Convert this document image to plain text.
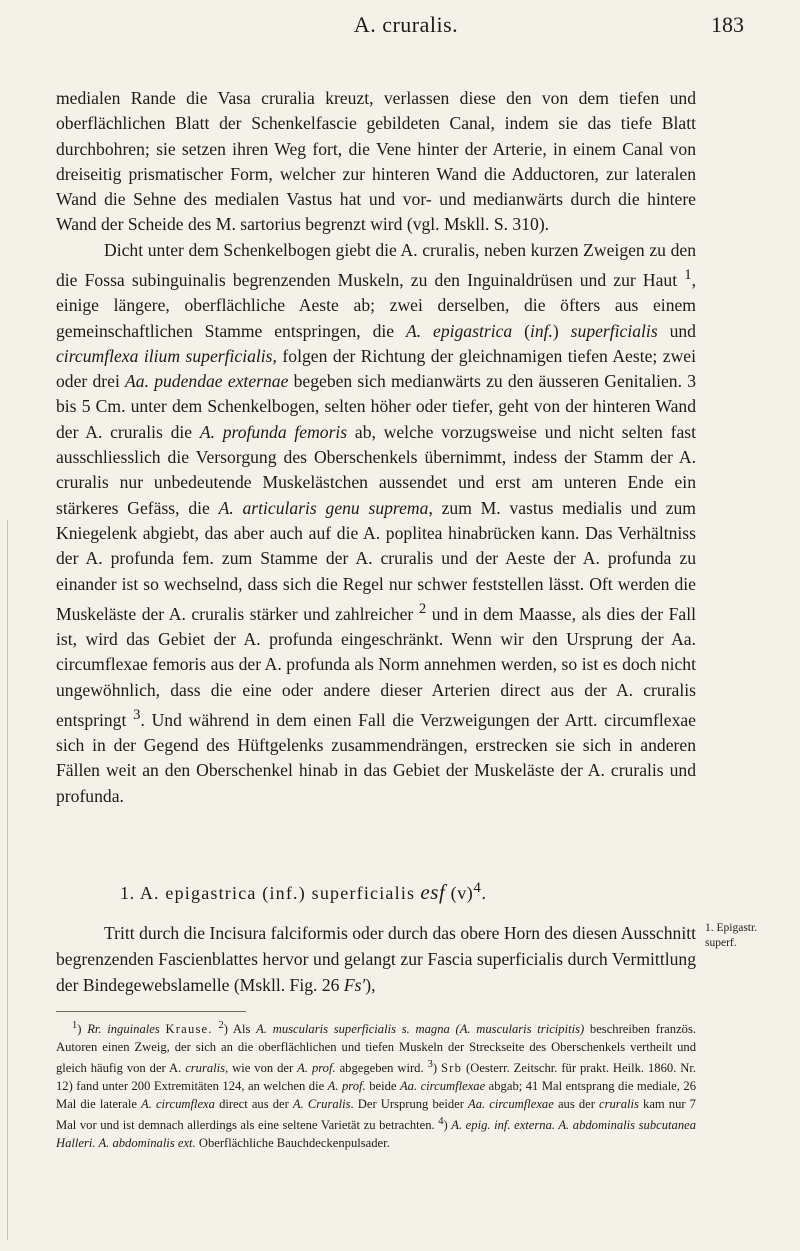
A. cruralis.	183

medialen Rande die Vasa cruralia kreuzt, verlassen diese den von dem tiefen und oberflächlichen Blatt der Schenkelfascie gebildeten Canal, indem sie das tiefe Blatt durchbohren; sie setzen ihren Weg fort, die Vene hinter der Arterie, in einem Canal von dreiseitig prismatischer Form, welcher zur hinteren Wand die Adductoren, zur lateralen Wand die Sehne des medialen Vastus hat und vor- und medianwärts durch die hintere Wand der Scheide des M. sartorius begrenzt wird (vgl. Mskll. S. 310).

Dicht unter dem Schenkelbogen giebt die A. cruralis, neben kurzen Zweigen zu den die Fossa subinguinalis begrenzenden Muskeln, zu den Inguinaldrüsen und zur Haut $^1$, einige längere, oberflächliche Aeste ab; zwei derselben, die öfters aus einem gemeinschaftlichen Stamme entspringen, die A. epigastrica (inf.) superficialis und circumflexa ilium superficialis, folgen der Richtung der gleichnamigen tiefen Aeste; zwei oder drei Aa. pudendae externae begeben sich medianwärts zu den äusseren Genitalien. 3 bis 5 Cm. unter dem Schenkelbogen, selten höher oder tiefer, geht von der hinteren Wand der A. cruralis die A. profunda femoris ab, welche vorzugsweise und nicht selten fast ausschliesslich die Versorgung des Oberschenkels übernimmt, indess der Stamm der A. cruralis nur unbedeutende Muskelästchen aussendet und erst am unteren Ende ein stärkeres Gefäss, die A. articularis genu suprema, zum M. vastus medialis und zum Kniegelenk abgiebt, das aber auch auf die A. poplitea hinabrücken kann. Das Verhältniss der A. profunda fem. zum Stamme der A. cruralis und der Aeste der A. profunda zu einander ist so wechselnd, dass sich die Regel nur schwer feststellen lässt. Oft werden die Muskeläste der A. cruralis stärker und zahlreicher $^2$ und in dem Maasse, als dies der Fall ist, wird das Gebiet der A. profunda eingeschränkt. Wenn wir den Ursprung der Aa. circumflexae femoris aus der A. profunda als Norm annehmen werden, so ist es doch nicht ungewöhnlich, dass die eine oder andere dieser Arterien direct aus der A. cruralis entspringt $^3$. Und während in dem einen Fall die Verzweigungen der Artt. circumflexae sich in der Gegend des Hüftgelenks zusammendrängen, erstrecken sie sich in anderen Fällen weit an den Oberschenkel hinab in das Gebiet der Muskeläste der A. cruralis und profunda.

1. A. epigastrica (inf.) superficialis esf $(v)^4$.

Tritt durch die Incisura falciformis oder durch das obere Horn des diesen Ausschnitt begrenzenden Fascienblattes hervor und gelangt zur Fascia superficialis durch Vermittlung der Bindegewebslamelle (Mskll. Fig. 26 Fs′),

1. Epigastr.
superf.

$^1$) Rr. inguinales Krause. $^2$) Als A. muscularis superficialis s. magna (A. muscularis tricipitis) beschreiben französ. Autoren einen Zweig, der sich an die oberflächlichen und tiefen Muskeln der Streckseite des Oberschenkels vertheilt und gleich häufig von der A. cruralis, wie von der A. prof. abgegeben wird. $^3$) Srb (Oesterr. Zeitschr. für prakt. Heilk. 1860. Nr. 12) fand unter 200 Extremitäten 124, an welchen die A. prof. beide Aa. circumflexae abgab; 41 Mal entsprang die mediale, 26 Mal die laterale A. circumflexa direct aus der A. Cruralis. Der Ursprung beider Aa. circumflexae aus der cruralis kam nur 7 Mal vor und ist demnach allerdings als eine seltene Varietät zu betrachten. $^4$) A. epig. inf. externa. A. abdominalis subcutanea Halleri. A. abdominalis ext. Oberflächliche Bauchdeckenpulsader.
